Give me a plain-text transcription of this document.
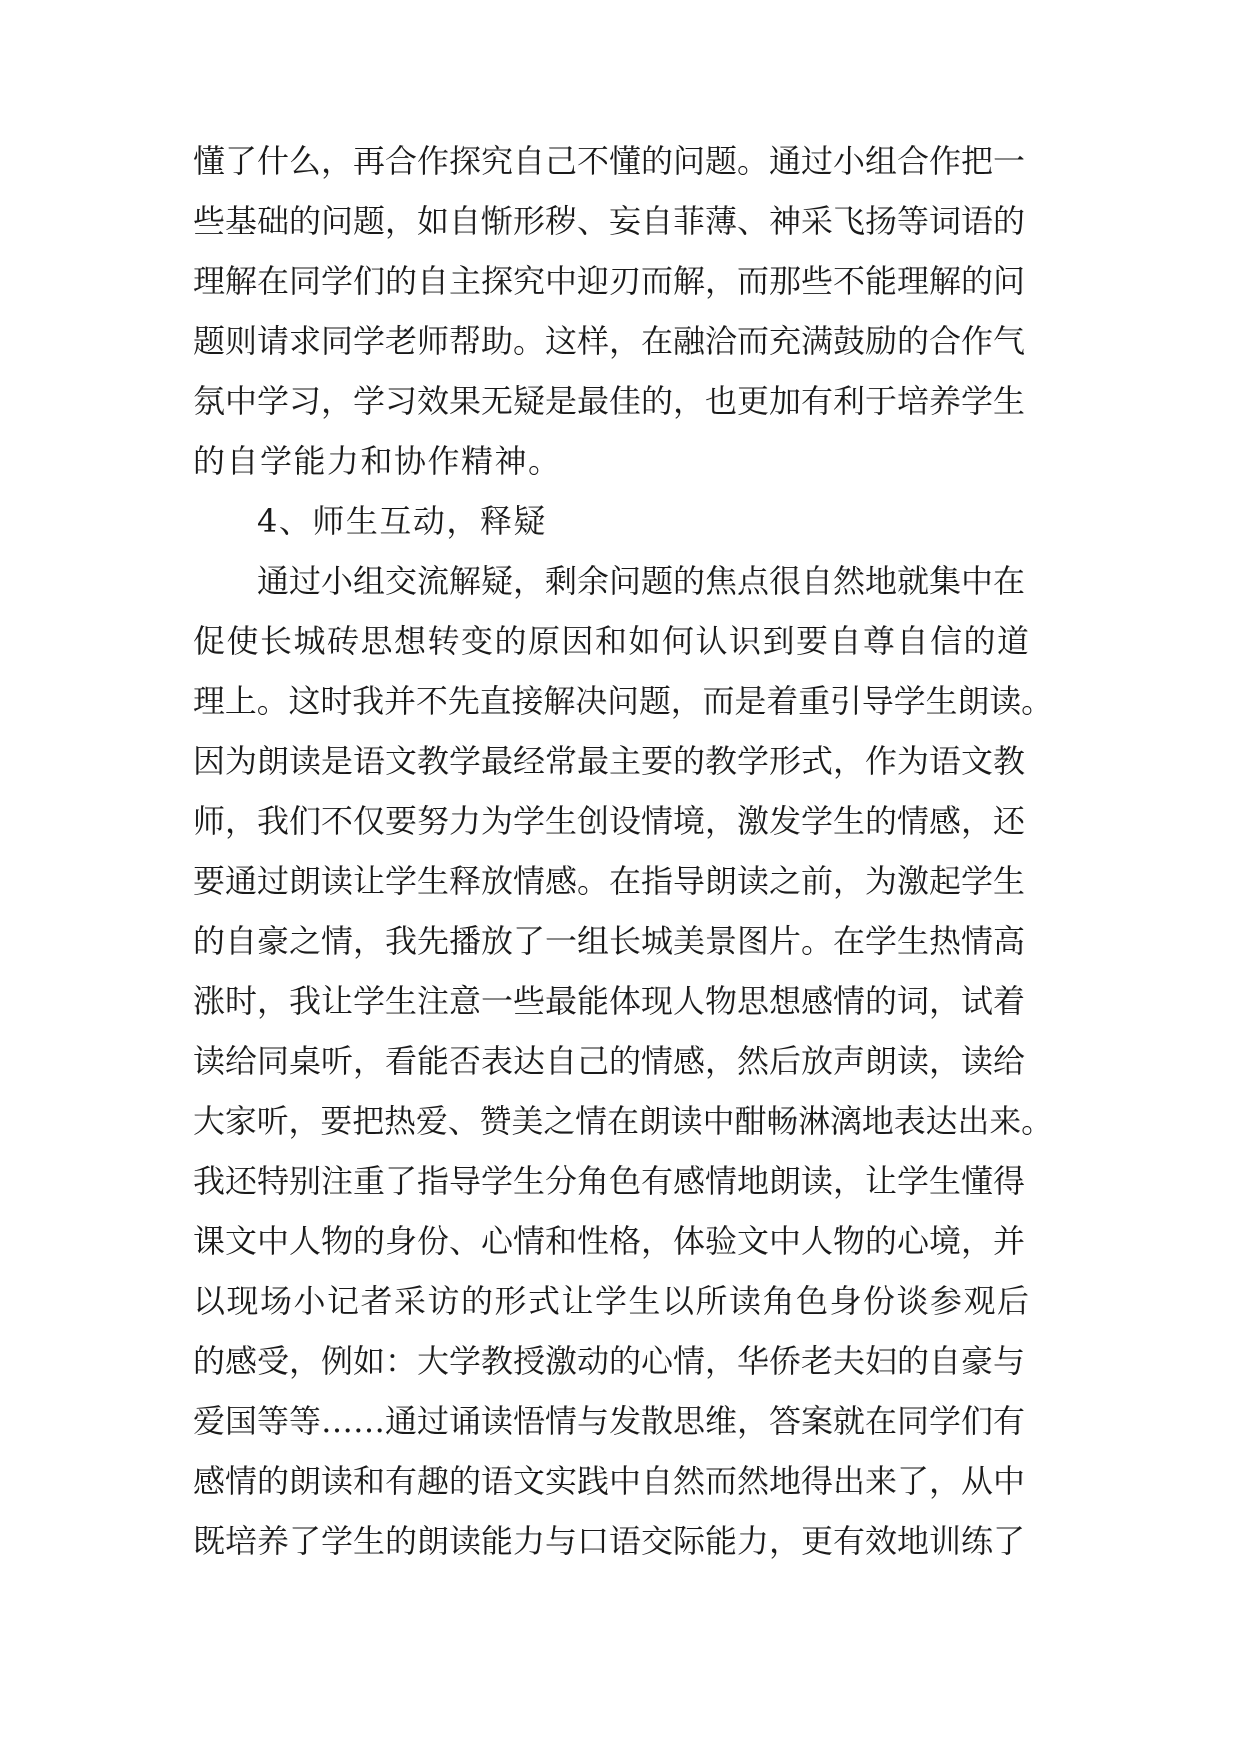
懂了什么，再合作探究自己不懂的问题。通过小组合作把一
些基础的问题，如自惭形秽、妄自菲薄、神采飞扬等词语的
理解在同学们的自主探究中迎刃而解，而那些不能理解的问
题则请求同学老师帮助。这样，在融洽而充满鼓励的合作气
氛中学习，学习效果无疑是最佳的，也更加有利于培养学生
的自学能力和协作精神。
4、师生互动，释疑
通过小组交流解疑，剩余问题的焦点很自然地就集中在
促使长城砖思想转变的原因和如何认识到要自尊自信的道
理上。这时我并不先直接解决问题，而是着重引导学生朗读。
因为朗读是语文教学最经常最主要的教学形式，作为语文教
师，我们不仅要努力为学生创设情境，激发学生的情感，还
要通过朗读让学生释放情感。在指导朗读之前，为激起学生
的自豪之情，我先播放了一组长城美景图片。在学生热情高
涨时，我让学生注意一些最能体现人物思想感情的词，试着
读给同桌听，看能否表达自己的情感，然后放声朗读，读给
大家听，要把热爱、赞美之情在朗读中酣畅淋漓地表达出来。
我还特别注重了指导学生分角色有感情地朗读，让学生懂得
课文中人物的身份、心情和性格，体验文中人物的心境，并
以现场小记者采访的形式让学生以所读角色身份谈参观后
的感受，例如：大学教授激动的心情，华侨老夫妇的自豪与
爱国等等……通过诵读悟情与发散思维，答案就在同学们有
感情的朗读和有趣的语文实践中自然而然地得出来了，从中
既培养了学生的朗读能力与口语交际能力，更有效地训练了
